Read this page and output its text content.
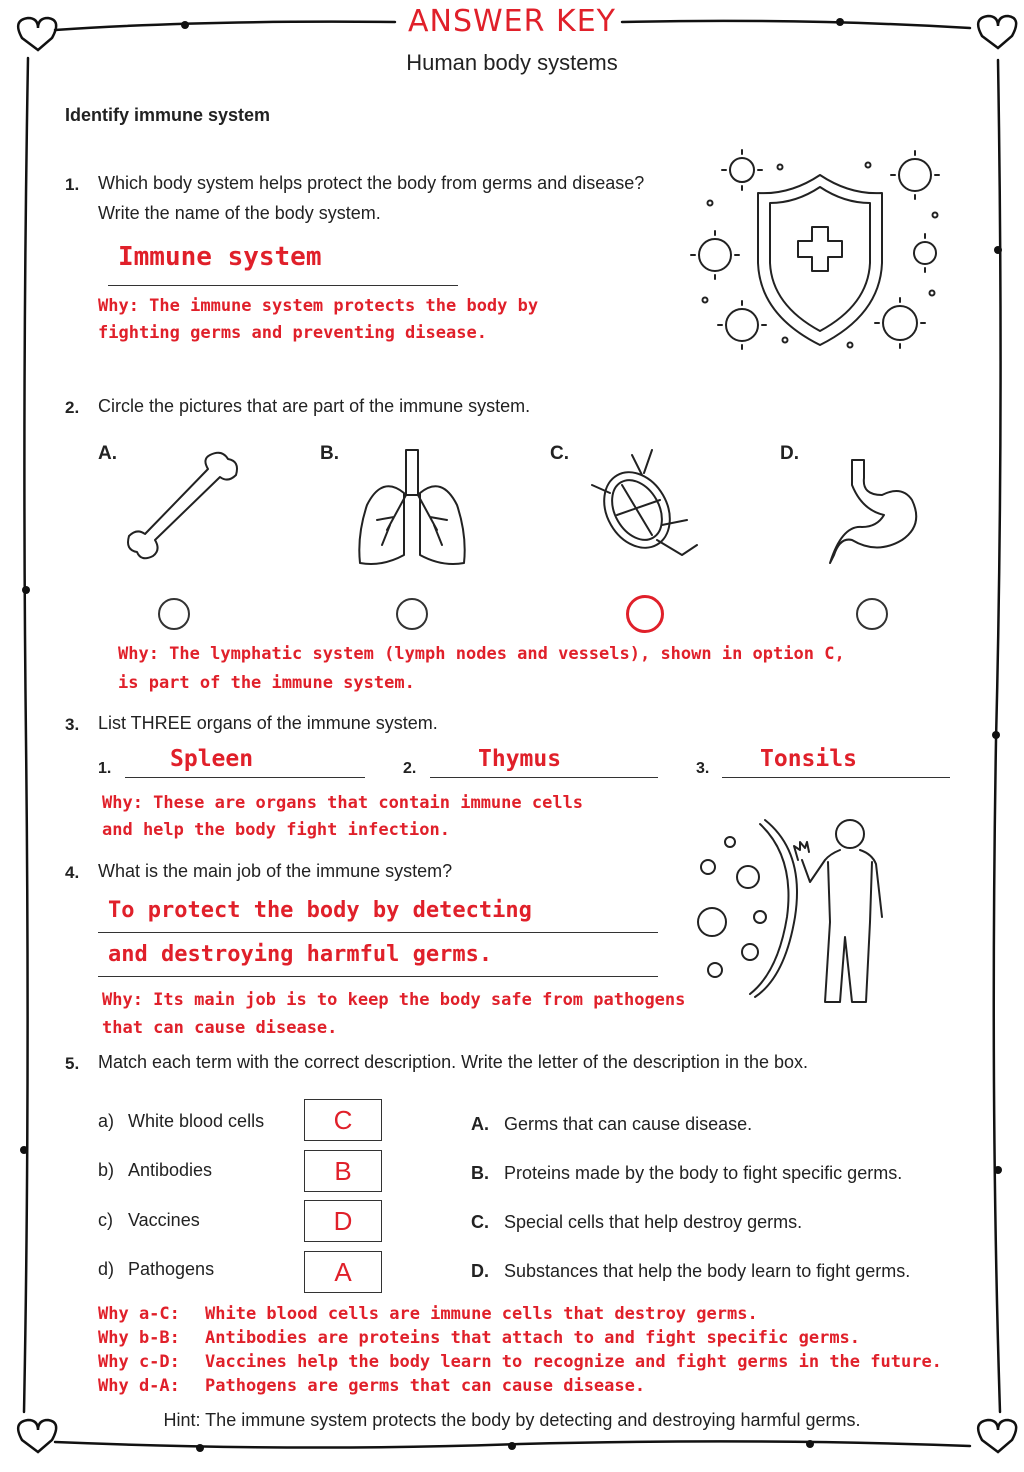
ANSWER KEY
Human body systems
Identify immune system
1. Which body system helps protect the body from germs and disease?
Write the name of the body system.
Immune system
Why: The immune system protects the body by
fighting germs and preventing disease.
2. Circle the pictures that are part of the immune system.
A.	B.	C.	D.
Why: The lymphatic system (lymph nodes and vessels), shown in option C,
is part of the immune system.
3. List THREE organs of the immune system.
1.	Spleen	2.	Thymus	3.	Tonsils
Why: These are organs that contain immune cells
and help the body fight infection.
4. What is the main job of the immune system?
To protect the body by detecting
and destroying harmful germs.
Why: Its main job is to keep the body safe from pathogens
that can cause disease.
5. Match each term with the correct description. Write the letter of the description in the box.
a) White blood cells	C
b) Antibodies	B
c) Vaccines	D
d) Pathogens	A
A. Germs that can cause disease.
B. Proteins made by the body to fight specific germs.
C. Special cells that help destroy germs.
D. Substances that help the body learn to fight germs.
Why a-C: White blood cells are immune cells that destroy germs.
Why b-B: Antibodies are proteins that attach to and fight specific germs.
Why c-D: Vaccines help the body learn to recognize and fight germs in the future.
Why d-A: Pathogens are germs that can cause disease.
Hint: The immune system protects the body by detecting and destroying harmful germs.
